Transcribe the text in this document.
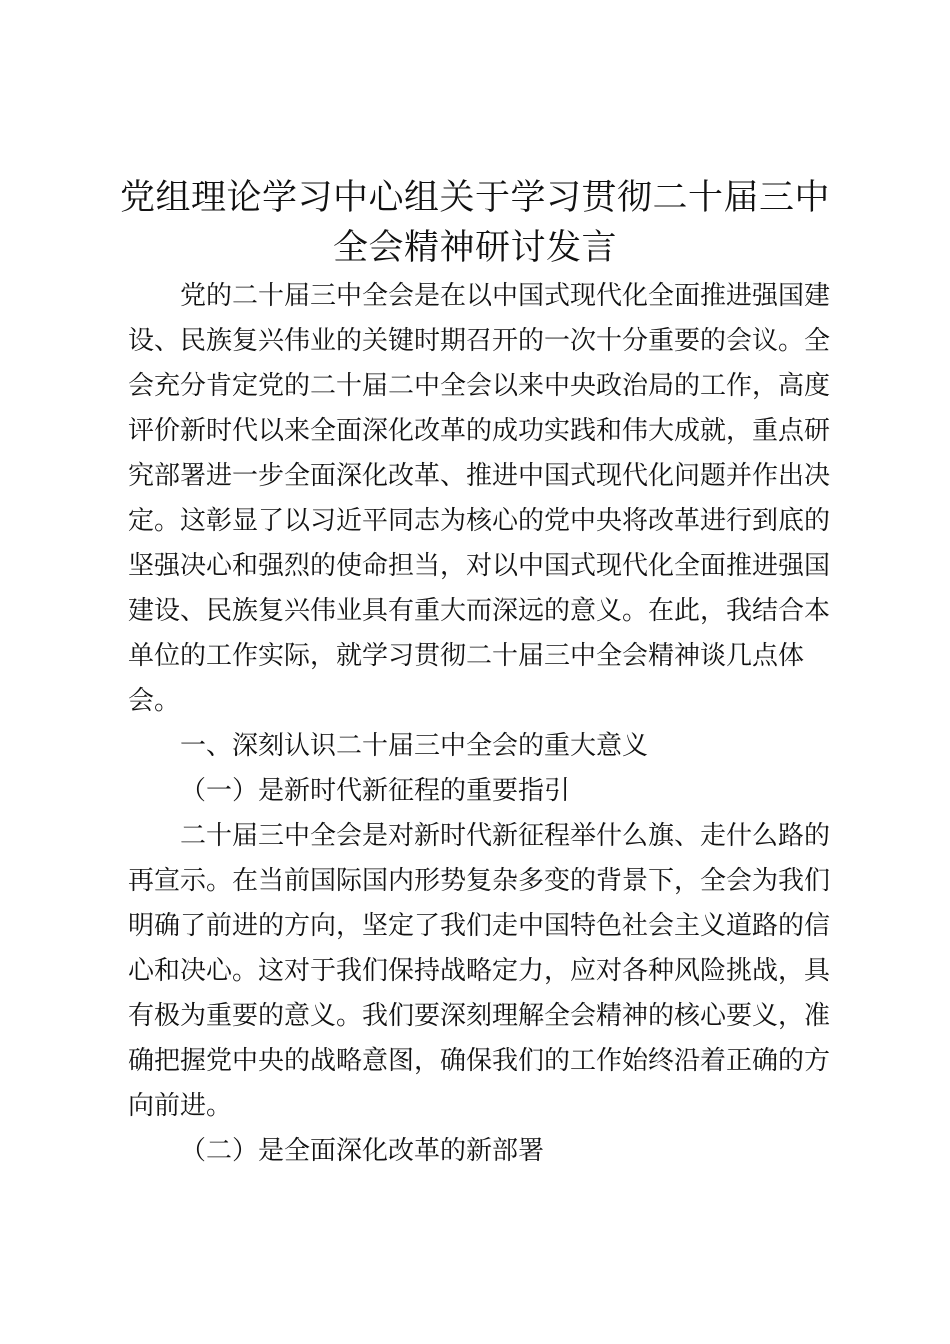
党组理论学习中心组关于学习贯彻二十届三中
全会精神研讨发言

党的二十届三中全会是在以中国式现代化全面推进强国建

设、民族复兴伟业的关键时期召开的一次十分重要的会议。全

会充分肯定党的二十届二中全会以来中央政治局的工作，高度

评价新时代以来全面深化改革的成功实践和伟大成就，重点研

究部署进一步全面深化改革、推进中国式现代化问题并作出决

定。这彰显了以习近平同志为核心的党中央将改革进行到底的

坚强决心和强烈的使命担当，对以中国式现代化全面推进强国

建设、民族复兴伟业具有重大而深远的意义。在此，我结合本

单位的工作实际，就学习贯彻二十届三中全会精神谈几点体

会。

一、深刻认识二十届三中全会的重大意义

（一）是新时代新征程的重要指引

二十届三中全会是对新时代新征程举什么旗、走什么路的

再宣示。在当前国际国内形势复杂多变的背景下，全会为我们

明确了前进的方向，坚定了我们走中国特色社会主义道路的信

心和决心。这对于我们保持战略定力，应对各种风险挑战，具

有极为重要的意义。我们要深刻理解全会精神的核心要义，准

确把握党中央的战略意图，确保我们的工作始终沿着正确的方

向前进。

（二）是全面深化改革的新部署
